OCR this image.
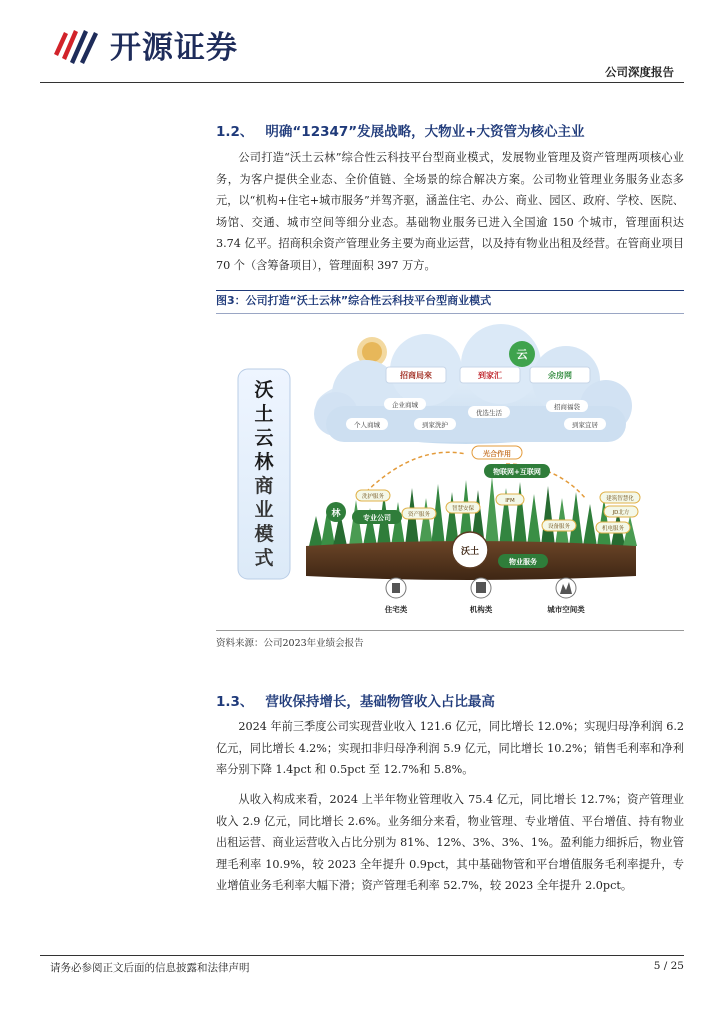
开源证券
公司深度报告
1.2、 明确“12347”发展战略，大物业+大资管为核心主业

公司打造“沃土云林”综合性云科技平台型商业模式，发展物业管理及资产管理两项核心业务，为客户提供全业态、全价值链、全场景的综合解决方案。公司物业管理业务服务业态多元，以“机构+住宅+城市服务”并驾齐驱，涵盖住宅、办公、商业、园区、政府、学校、医院、场馆、交通、城市空间等细分业态。基础物业服务已进入全国逾 150 个城市，管理面积达 3.74 亿平。招商积余资产管理业务主要为商业运营，以及持有物业出租及经营。在管商业项目 70 个（含筹备项目），管理面积 397 万方。

图3：公司打造“沃土云林”综合性云科技平台型商业模式
沃
土
云
林
商
业
模
式
云
招商局來	到家汇	余房网
企业商城
优选生活
招商福袋
个人商城	到家洗护	到家宜居
光合作用
物联网+互联网
林	专业公司
洗护服务
资产服务
智慧安保
IFM
设备服务
建筑智慧化
JD北方
机电服务
沃土
物业服务
住宅类	机构类	城市空间类
资料来源：公司2023年业绩会报告
1.3、 营收保持增长，基础物管收入占比最高

2024 年前三季度公司实现营业收入 121.6 亿元，同比增长 12.0%；实现归母净利润 6.2 亿元，同比增长 4.2%；实现扣非归母净利润 5.9 亿元，同比增长 10.2%；销售毛利率和净利率分别下降 1.4pct 和 0.5pct 至 12.7%和 5.8%。

从收入构成来看，2024 上半年物业管理收入 75.4 亿元，同比增长 12.7%；资产管理业收入 2.9 亿元，同比增长 2.6%。业务细分来看，物业管理、专业增值、平台增值、持有物业出租运营、商业运营收入占比分别为 81%、12%、3%、3%、1%。盈利能力细拆后，物业管理毛利率 10.9%，较 2023 全年提升 0.9pct，其中基础物管和平台增值服务毛利率提升，专业增值业务毛利率大幅下滑；资产管理毛利率 52.7%，较 2023 全年提升 2.0pct。

请务必参阅正文后面的信息披露和法律声明	5 / 25
